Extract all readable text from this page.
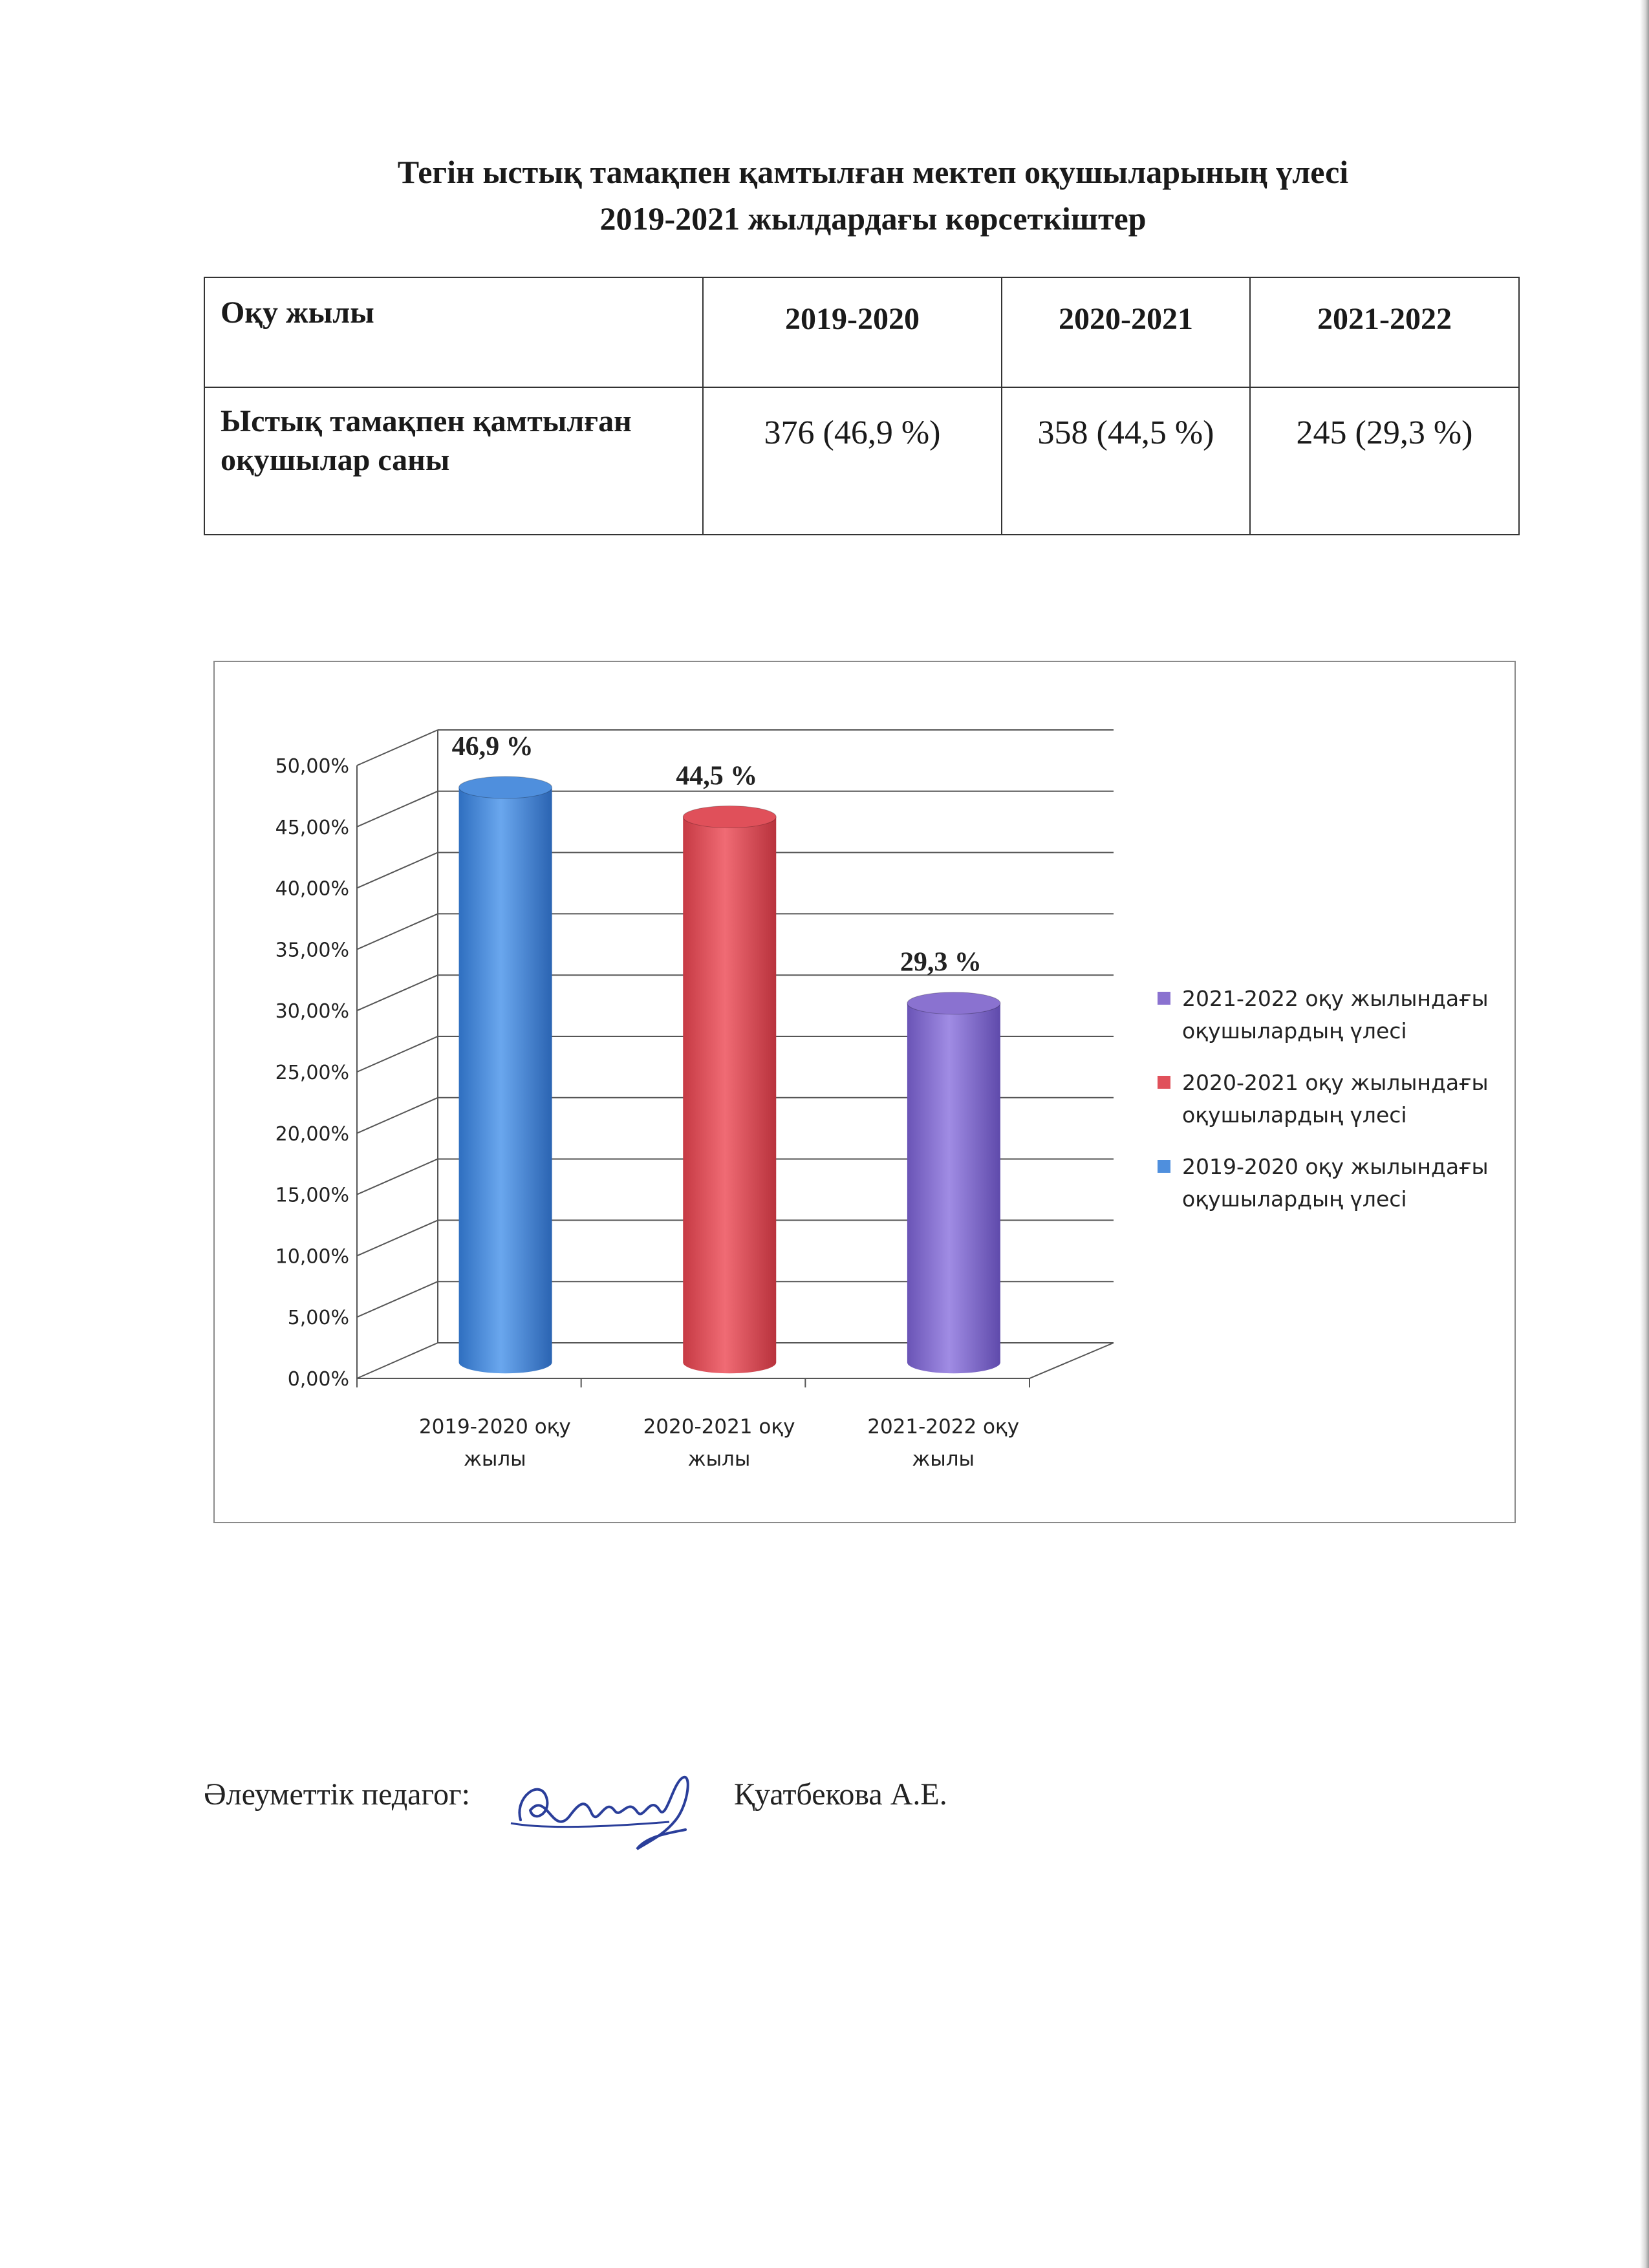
Тегін ыстық тамақпен қамтылған мектеп оқушыларының үлесі
2019-2021 жылдардағы көрсеткіштер
Оқу жылы	2019-2020	2020-2021	2021-2022
Ыстық тамақпен қамтылған оқушылар саны	376 (46,9 %)	358 (44,5 %)	245 (29,3 %)
0,00%
5,00%
10,00%
15,00%
20,00%
25,00%
30,00%
35,00%
40,00%
45,00%
50,00%
46,9 %
2019-2020 оқу
жылы
44,5 %
2020-2021 оқу
жылы
29,3 %
2021-2022 оқу
жылы
2021-2022 оқу жылындағы оқушылардың үлесі
2020-2021 оқу жылындағы оқушылардың үлесі
2019-2020 оқу жылындағы оқушылардың үлесі
Әлеуметтік педагог:	Қуатбекова А.Е.
